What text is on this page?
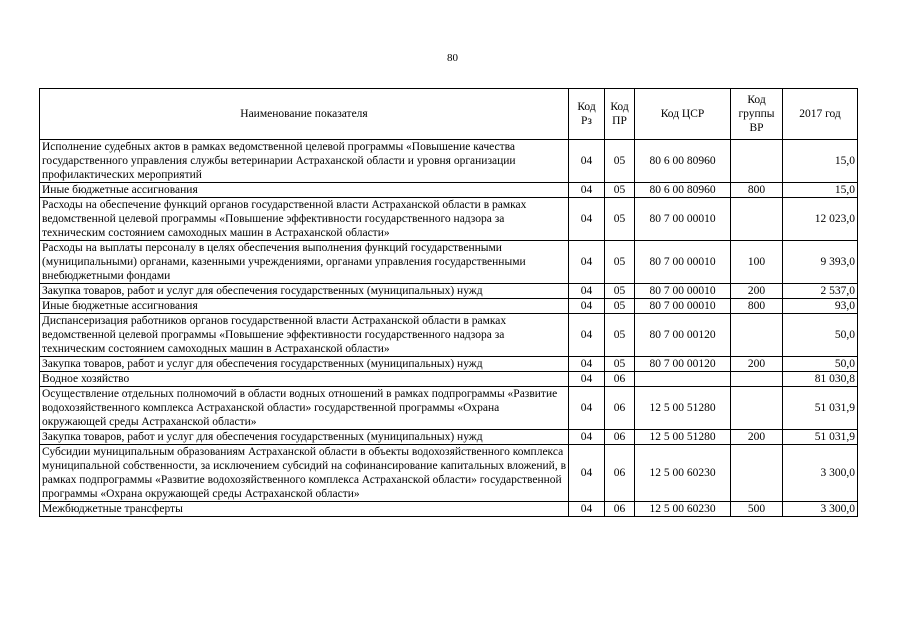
80
Наименование показателя	Код Рз	Код ПР	Код ЦСР	Код группы ВР	2017 год
Исполнение судебных актов в рамках ведомственной целевой программы «Повышение качества государственного управления службы ветеринарии Астраханской области и уровня организации профилактических мероприятий	04	05	80 6 00 80960		15,0
Иные бюджетные ассигнования	04	05	80 6 00 80960	800	15,0
Расходы на обеспечение функций органов государственной власти Астраханской области в рамках ведомственной целевой программы «Повышение эффективности государственного надзора за техническим состоянием самоходных машин в Астраханской области»	04	05	80 7 00 00010		12 023,0
Расходы на выплаты персоналу в целях обеспечения выполнения функций государственными (муниципальными) органами, казенными учреждениями, органами управления государственными внебюджетными фондами	04	05	80 7 00 00010	100	9 393,0
Закупка товаров, работ и услуг для обеспечения государственных (муниципальных) нужд	04	05	80 7 00 00010	200	2 537,0
Иные бюджетные ассигнования	04	05	80 7 00 00010	800	93,0
Диспансеризация работников органов государственной власти Астраханской области в рамках ведомственной целевой программы «Повышение эффективности государственного надзора за техническим состоянием самоходных машин в Астраханской области»	04	05	80 7 00 00120		50,0
Закупка товаров, работ и услуг для обеспечения государственных (муниципальных) нужд	04	05	80 7 00 00120	200	50,0
Водное хозяйство	04	06			81 030,8
Осуществление отдельных полномочий в области водных отношений в рамках подпрограммы «Развитие водохозяйственного комплекса Астраханской области» государственной программы «Охрана окружающей среды Астраханской области»	04	06	12 5 00 51280		51 031,9
Закупка товаров, работ и услуг для обеспечения государственных (муниципальных) нужд	04	06	12 5 00 51280	200	51 031,9
Субсидии муниципальным образованиям Астраханской области в объекты водохозяйственного комплекса муниципальной собственности, за исключением субсидий на софинансирование капитальных вложений, в рамках подпрограммы «Развитие водохозяйственного комплекса Астраханской области» государственной программы «Охрана окружающей среды Астраханской области»	04	06	12 5 00 60230		3 300,0
Межбюджетные трансферты	04	06	12 5 00 60230	500	3 300,0
